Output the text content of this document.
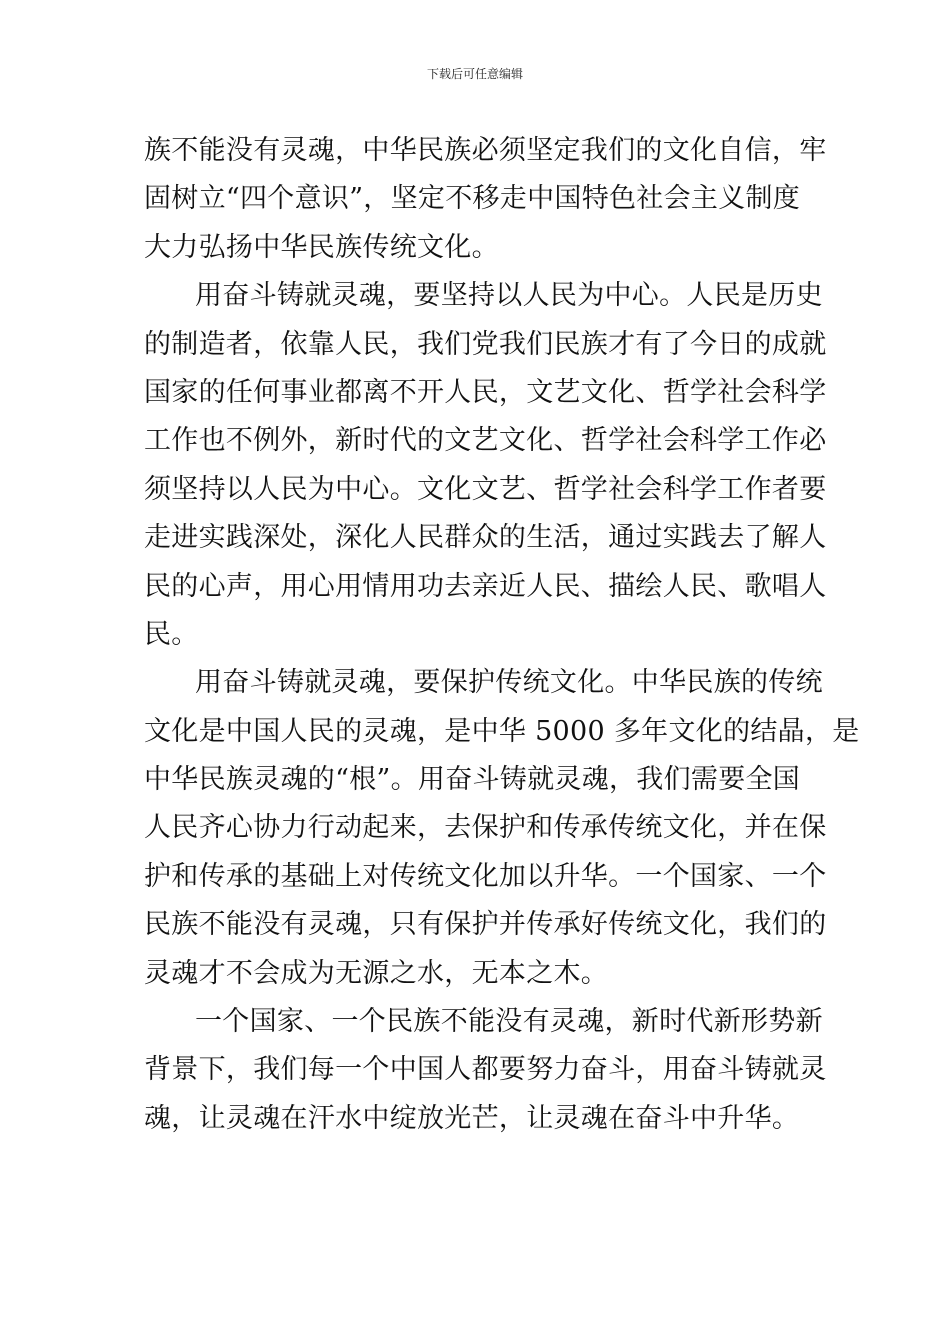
下载后可任意编辑
族不能没有灵魂，中华民族必须坚定我们的文化自信，牢
固树立“四个意识”，坚定不移走中国特色社会主义制度
大力弘扬中华民族传统文化。
用奋斗铸就灵魂，要坚持以人民为中心。人民是历史
的制造者，依靠人民，我们党我们民族才有了今日的成就
国家的任何事业都离不开人民，文艺文化、哲学社会科学
工作也不例外，新时代的文艺文化、哲学社会科学工作必
须坚持以人民为中心。文化文艺、哲学社会科学工作者要
走进实践深处，深化人民群众的生活，通过实践去了解人
民的心声，用心用情用功去亲近人民、描绘人民、歌唱人
民。
用奋斗铸就灵魂，要保护传统文化。中华民族的传统
文化是中国人民的灵魂，是中华 5000 多年文化的结晶，是
中华民族灵魂的“根”。用奋斗铸就灵魂，我们需要全国
人民齐心协力行动起来，去保护和传承传统文化，并在保
护和传承的基础上对传统文化加以升华。一个国家、一个
民族不能没有灵魂，只有保护并传承好传统文化，我们的
灵魂才不会成为无源之水，无本之木。
一个国家、一个民族不能没有灵魂，新时代新形势新
背景下，我们每一个中国人都要努力奋斗，用奋斗铸就灵
魂，让灵魂在汗水中绽放光芒，让灵魂在奋斗中升华。
